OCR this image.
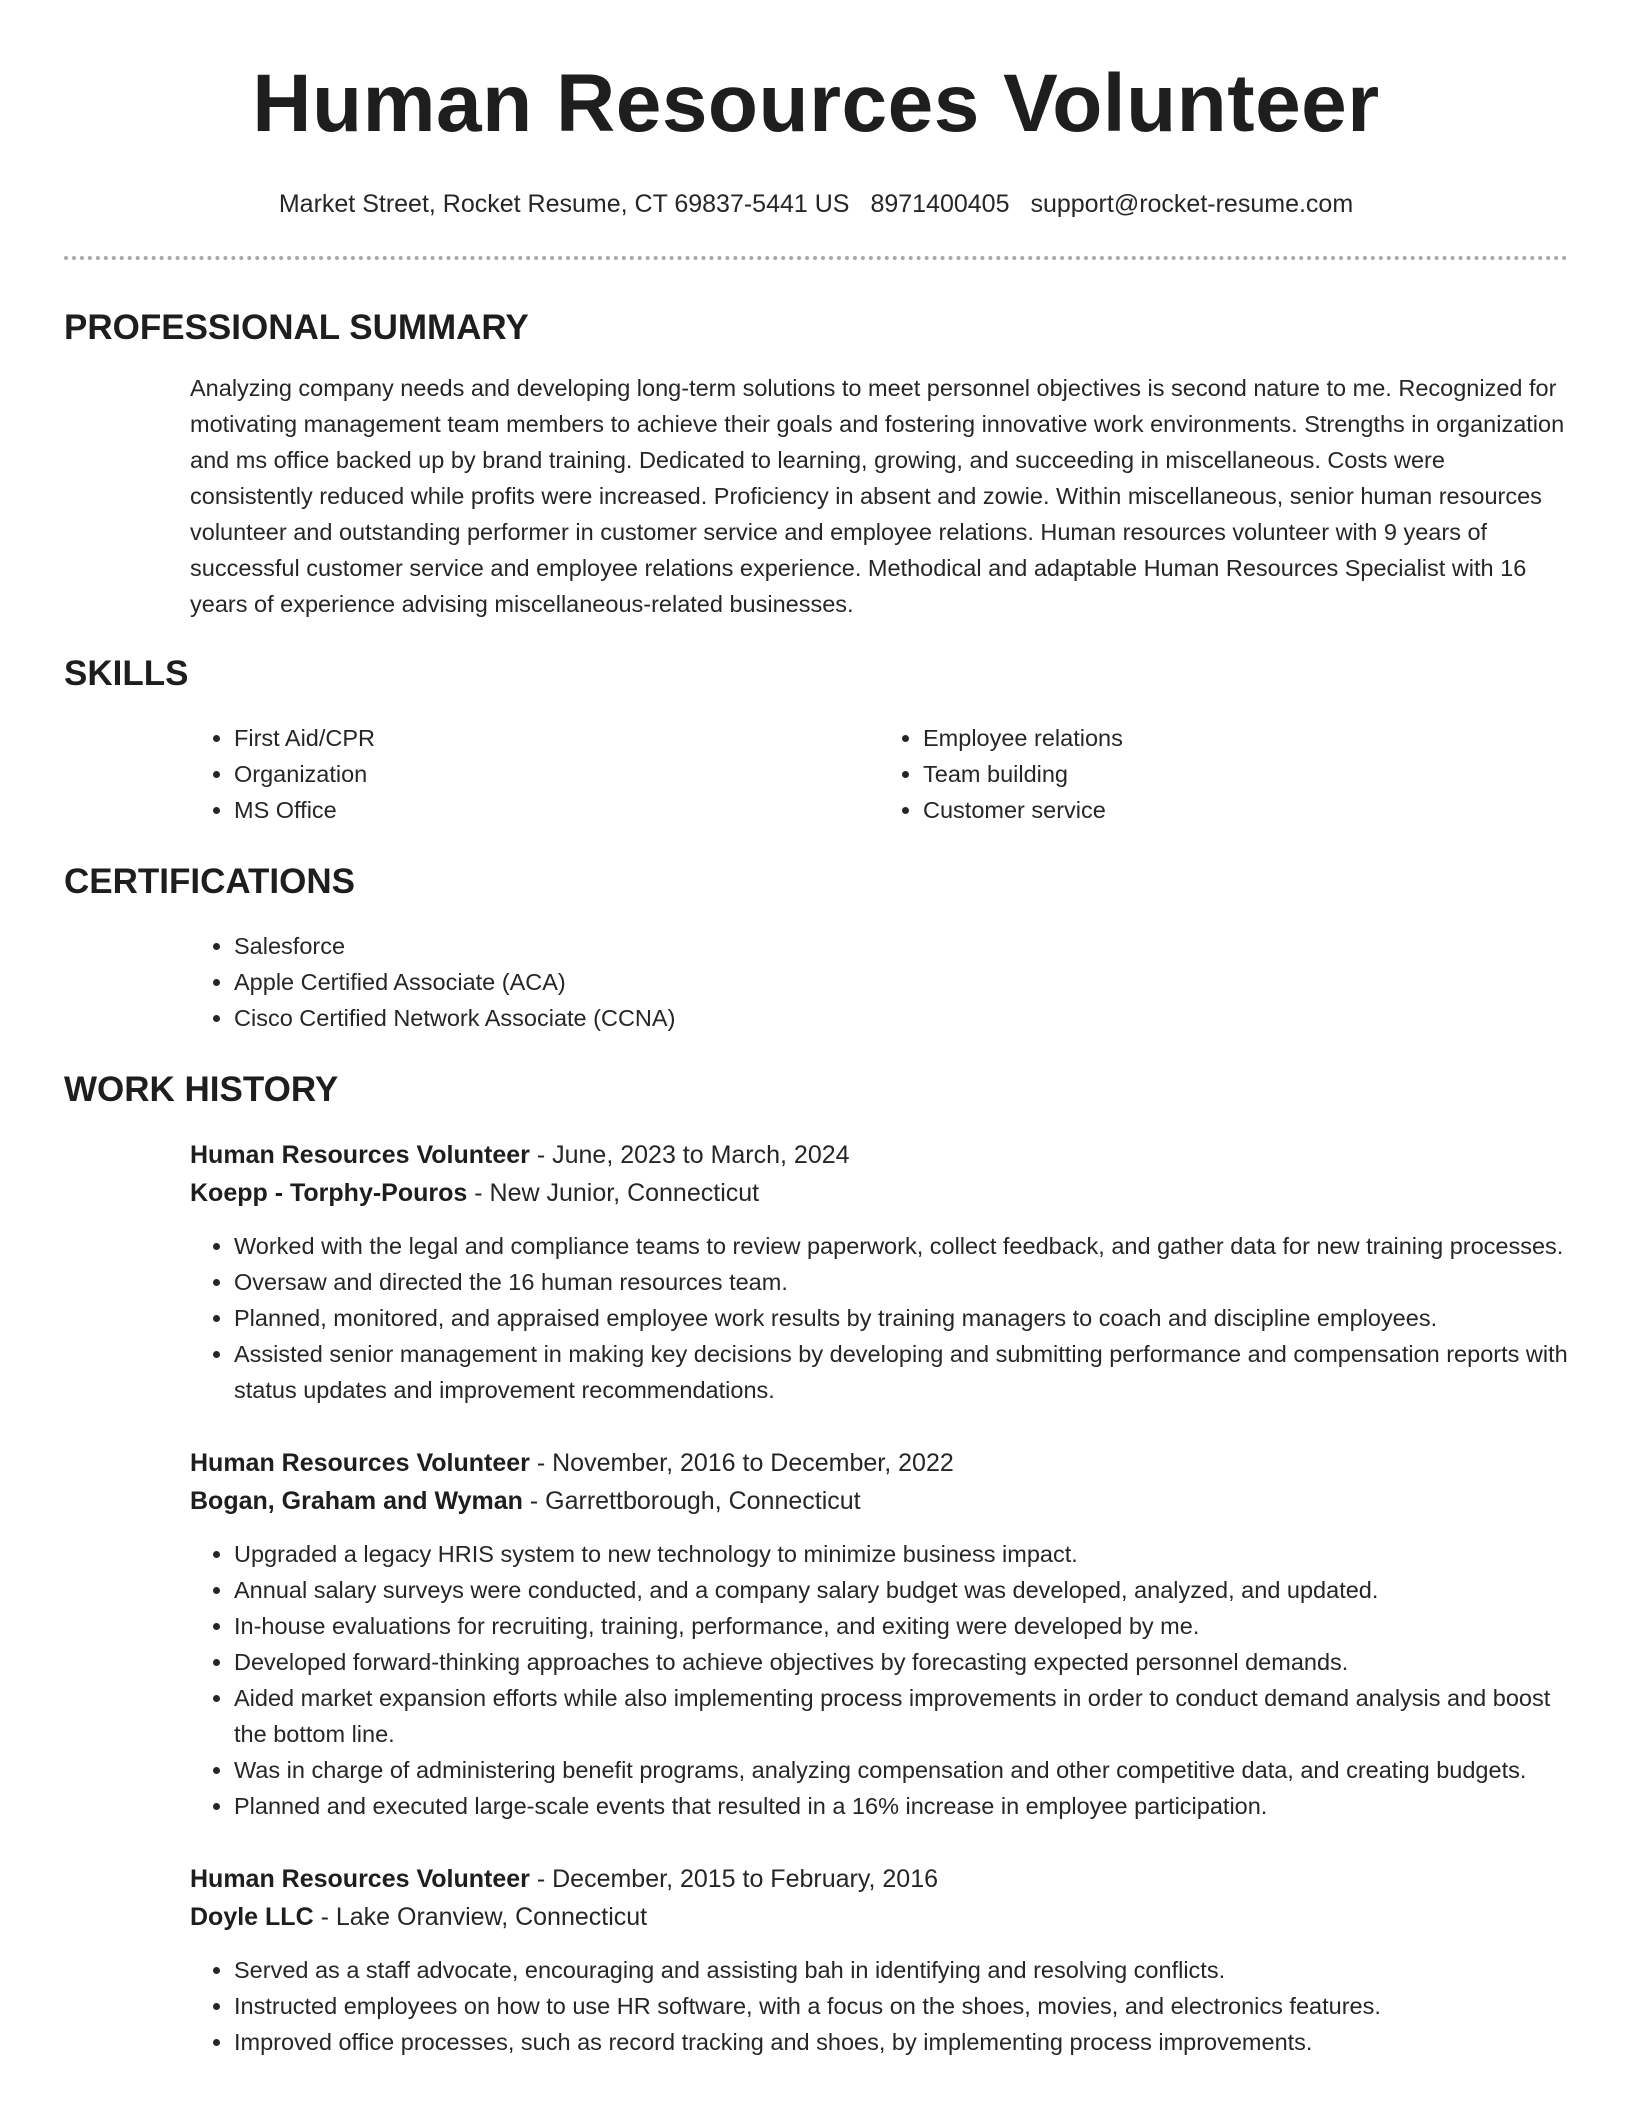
Human Resources Volunteer
Market Street, Rocket Resume, CT 69837-5441 US 8971400405 support@rocket-resume.com
PROFESSIONAL SUMMARY
Analyzing company needs and developing long-term solutions to meet personnel objectives is second nature to me. Recognized for motivating management team members to achieve their goals and fostering innovative work environments. Strengths in organization and ms office backed up by brand training. Dedicated to learning, growing, and succeeding in miscellaneous. Costs were consistently reduced while profits were increased. Proficiency in absent and zowie. Within miscellaneous, senior human resources volunteer and outstanding performer in customer service and employee relations. Human resources volunteer with 9 years of successful customer service and employee relations experience. Methodical and adaptable Human Resources Specialist with 16 years of experience advising miscellaneous-related businesses.
SKILLS
• First Aid/CPR
• Organization
• MS Office
• Employee relations
• Team building
• Customer service
CERTIFICATIONS
• Salesforce
• Apple Certified Associate (ACA)
• Cisco Certified Network Associate (CCNA)
WORK HISTORY
Human Resources Volunteer - June, 2023 to March, 2024
Koepp - Torphy-Pouros - New Junior, Connecticut
• Worked with the legal and compliance teams to review paperwork, collect feedback, and gather data for new training processes.
• Oversaw and directed the 16 human resources team.
• Planned, monitored, and appraised employee work results by training managers to coach and discipline employees.
• Assisted senior management in making key decisions by developing and submitting performance and compensation reports with status updates and improvement recommendations.
Human Resources Volunteer - November, 2016 to December, 2022
Bogan, Graham and Wyman - Garrettborough, Connecticut
• Upgraded a legacy HRIS system to new technology to minimize business impact.
• Annual salary surveys were conducted, and a company salary budget was developed, analyzed, and updated.
• In-house evaluations for recruiting, training, performance, and exiting were developed by me.
• Developed forward-thinking approaches to achieve objectives by forecasting expected personnel demands.
• Aided market expansion efforts while also implementing process improvements in order to conduct demand analysis and boost the bottom line.
• Was in charge of administering benefit programs, analyzing compensation and other competitive data, and creating budgets.
• Planned and executed large-scale events that resulted in a 16% increase in employee participation.
Human Resources Volunteer - December, 2015 to February, 2016
Doyle LLC - Lake Oranview, Connecticut
• Served as a staff advocate, encouraging and assisting bah in identifying and resolving conflicts.
• Instructed employees on how to use HR software, with a focus on the shoes, movies, and electronics features.
• Improved office processes, such as record tracking and shoes, by implementing process improvements.
